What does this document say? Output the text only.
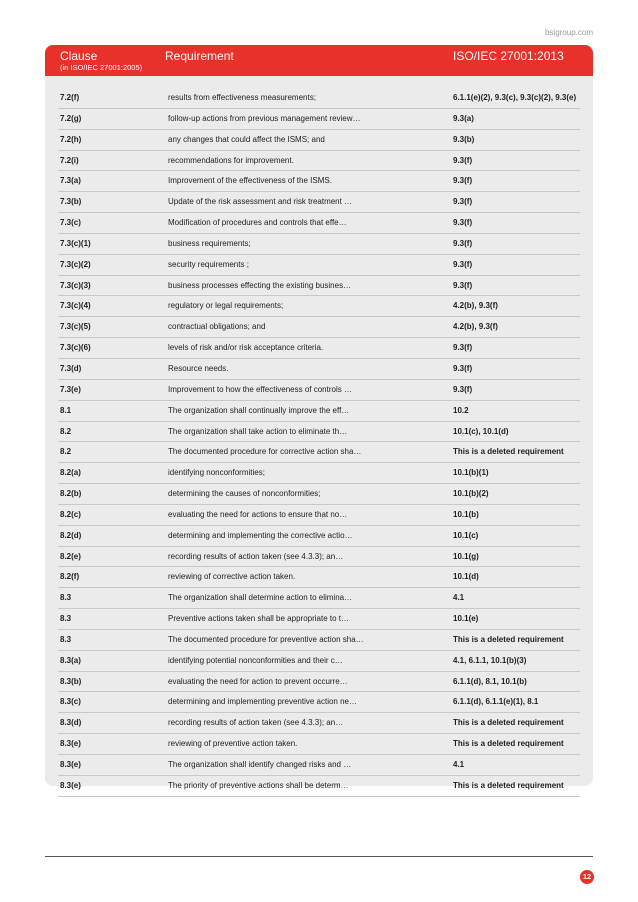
bsigroup.com
Clause
(in ISO/IEC 27001:2005)
Requirement	ISO/IEC 27001:2013
7.2(f)	results from effectiveness measurements;	6.1.1(e)(2), 9.3(c), 9.3(c)(2), 9.3(e)
7.2(g)	follow-up actions from previous management review…	9.3(a)
7.2(h)	any changes that could affect the ISMS; and	9.3(b)
7.2(i)	recommendations for improvement.	9.3(f)
7.3(a)	Improvement of the effectiveness of the ISMS.	9.3(f)
7.3(b)	Update of the risk assessment and risk treatment …	9.3(f)
7.3(c)	Modification of procedures and controls that effe…	9.3(f)
7.3(c)(1)	business requirements;	9.3(f)
7.3(c)(2)	security requirements ;	9.3(f)
7.3(c)(3)	business processes effecting the existing busines…	9.3(f)
7.3(c)(4)	regulatory or legal requirements;	4.2(b), 9.3(f)
7.3(c)(5)	contractual obligations; and	4.2(b), 9.3(f)
7.3(c)(6)	levels of risk and/or risk acceptance criteria.	9.3(f)
7.3(d)	Resource needs.	9.3(f)
7.3(e)	Improvement to how the effectiveness of controls …	9.3(f)
8.1	The organization shall continually improve the eff…	10.2
8.2	The organization shall take action to eliminate th…	10.1(c), 10.1(d)
8.2	The documented procedure for corrective action sha…	This is a deleted requirement
8.2(a)	identifying nonconformities;	10.1(b)(1)
8.2(b)	determining the causes of nonconformities;	10.1(b)(2)
8.2(c)	evaluating the need for actions to ensure that no…	10.1(b)
8.2(d)	determining and implementing the corrective actio…	10.1(c)
8.2(e)	recording results of action taken (see 4.3.3); an…	10.1(g)
8.2(f)	reviewing of corrective action taken.	10.1(d)
8.3	The organization shall determine action to elimina…	4.1
8.3	Preventive actions taken shall be appropriate to t…	10.1(e)
8.3	The documented procedure for preventive action sha…	This is a deleted requirement
8.3(a)	identifying potential nonconformities and their c…	4.1, 6.1.1, 10.1(b)(3)
8.3(b)	evaluating the need for action to prevent occurre…	6.1.1(d), 8.1, 10.1(b)
8.3(c)	determining and implementing preventive action ne…	6.1.1(d), 6.1.1(e)(1), 8.1
8.3(d)	recording results of action taken (see 4.3.3); an…	This is a deleted requirement
8.3(e)	reviewing of preventive action taken.	This is a deleted requirement
8.3(e)	The organization shall identify changed risks and …	4.1
8.3(e)	The priority of preventive actions shall be determ…	This is a deleted requirement
12
